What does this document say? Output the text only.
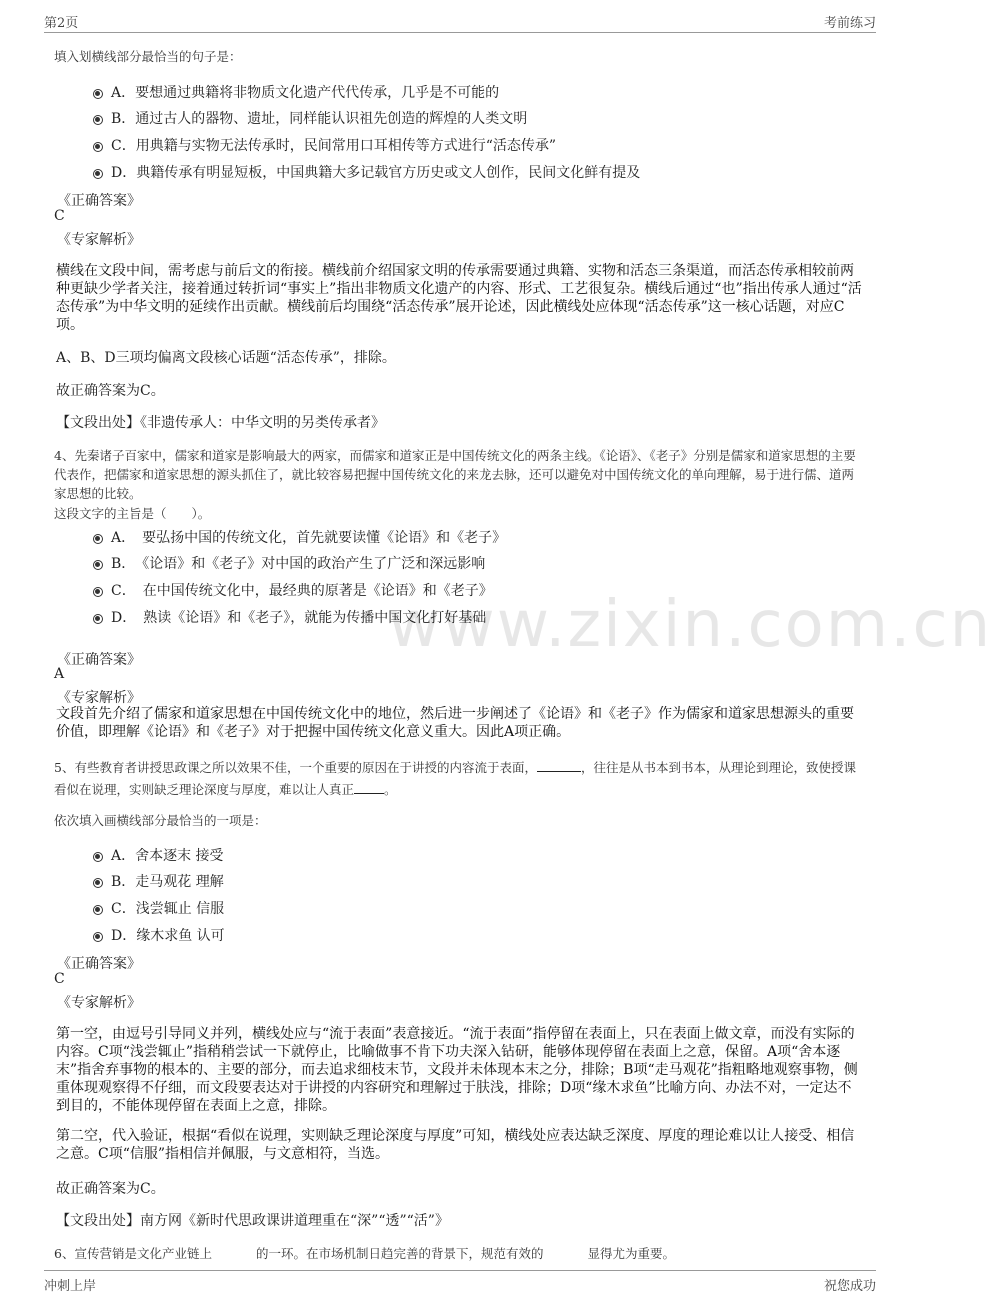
第2页	考前练习
www.zixin.com.cn
填入划横线部分最恰当的句子是：
A．要想通过典籍将非物质文化遗产代代传承，几乎是不可能的
B．通过古人的器物、遗址，同样能认识祖先创造的辉煌的人类文明
C．用典籍与实物无法传承时，民间常用口耳相传等方式进行“活态传承”
D．典籍传承有明显短板，中国典籍大多记载官方历史或文人创作，民间文化鲜有提及
《正确答案》
C
《专家解析》
横线在文段中间，需考虑与前后文的衔接。横线前介绍国家文明的传承需要通过典籍、实物和活态三条渠道，而活态传承相较前两种更缺少学者关注，接着通过转折词“事实上”指出非物质文化遗产的内容、形式、工艺很复杂。横线后通过“也”指出传承人通过“活态传承”为中华文明的延续作出贡献。横线前后均围绕“活态传承”展开论述，因此横线处应体现“活态传承”这一核心话题，对应C项。
A、B、D三项均偏离文段核心话题“活态传承”，排除。
故正确答案为C。
【文段出处】《非遗传承人：中华文明的另类传承者》
4、先秦诸子百家中，儒家和道家是影响最大的两家，而儒家和道家正是中国传统文化的两条主线。《论语》、《老子》分别是儒家和道家思想的主要代表作，把儒家和道家思想的源头抓住了，就比较容易把握中国传统文化的来龙去脉，还可以避免对中国传统文化的单向理解，易于进行儒、道两家思想的比较。
这段文字的主旨是（　　）。
A．　要弘扬中国的传统文化，首先就要读懂《论语》和《老子》
B．　《论语》和《老子》对中国的政治产生了广泛和深远影响
C．　在中国传统文化中，最经典的原著是《论语》和《老子》
D．　熟读《论语》和《老子》，就能为传播中国文化打好基础
《正确答案》
A
《专家解析》
文段首先介绍了儒家和道家思想在中国传统文化中的地位，然后进一步阐述了《论语》和《老子》作为儒家和道家思想源头的重要价值，即理解《论语》和《老子》对于把握中国传统文化意义重大。因此A项正确。
5、有些教育者讲授思政课之所以效果不佳，一个重要的原因在于讲授的内容流于表面，	，往往是从书本到书本，从理论到理论，致使授课看似在说理，实则缺乏理论深度与厚度，难以让人真正 。
依次填入画横线部分最恰当的一项是：
A．舍本逐末 接受
B．走马观花 理解
C．浅尝辄止 信服
D．缘木求鱼 认可
《正确答案》
C
《专家解析》
第一空，由逗号引导同义并列，横线处应与“流于表面”表意接近。“流于表面”指停留在表面上，只在表面上做文章，而没有实际的内容。C项“浅尝辄止”指稍稍尝试一下就停止，比喻做事不肯下功夫深入钻研，能够体现停留在表面上之意，保留。A项“舍本逐末”指舍弃事物的根本的、主要的部分，而去追求细枝末节，文段并未体现本末之分，排除；B项“走马观花”指粗略地观察事物，侧重体现观察得不仔细，而文段要表达对于讲授的内容研究和理解过于肤浅，排除；D项“缘木求鱼”比喻方向、办法不对，一定达不到目的，不能体现停留在表面上之意，排除。
第二空，代入验证，根据“看似在说理，实则缺乏理论深度与厚度”可知，横线处应表达缺乏深度、厚度的理论难以让人接受、相信之意。C项“信服”指相信并佩服，与文意相符，当选。
故正确答案为C。
【文段出处】南方网《新时代思政课讲道理重在“深”“透”“活”》
6、宣传营销是文化产业链上	的一环。在市场机制日趋完善的背景下，规范有效的	显得尤为重要。
冲刺上岸	祝您成功
